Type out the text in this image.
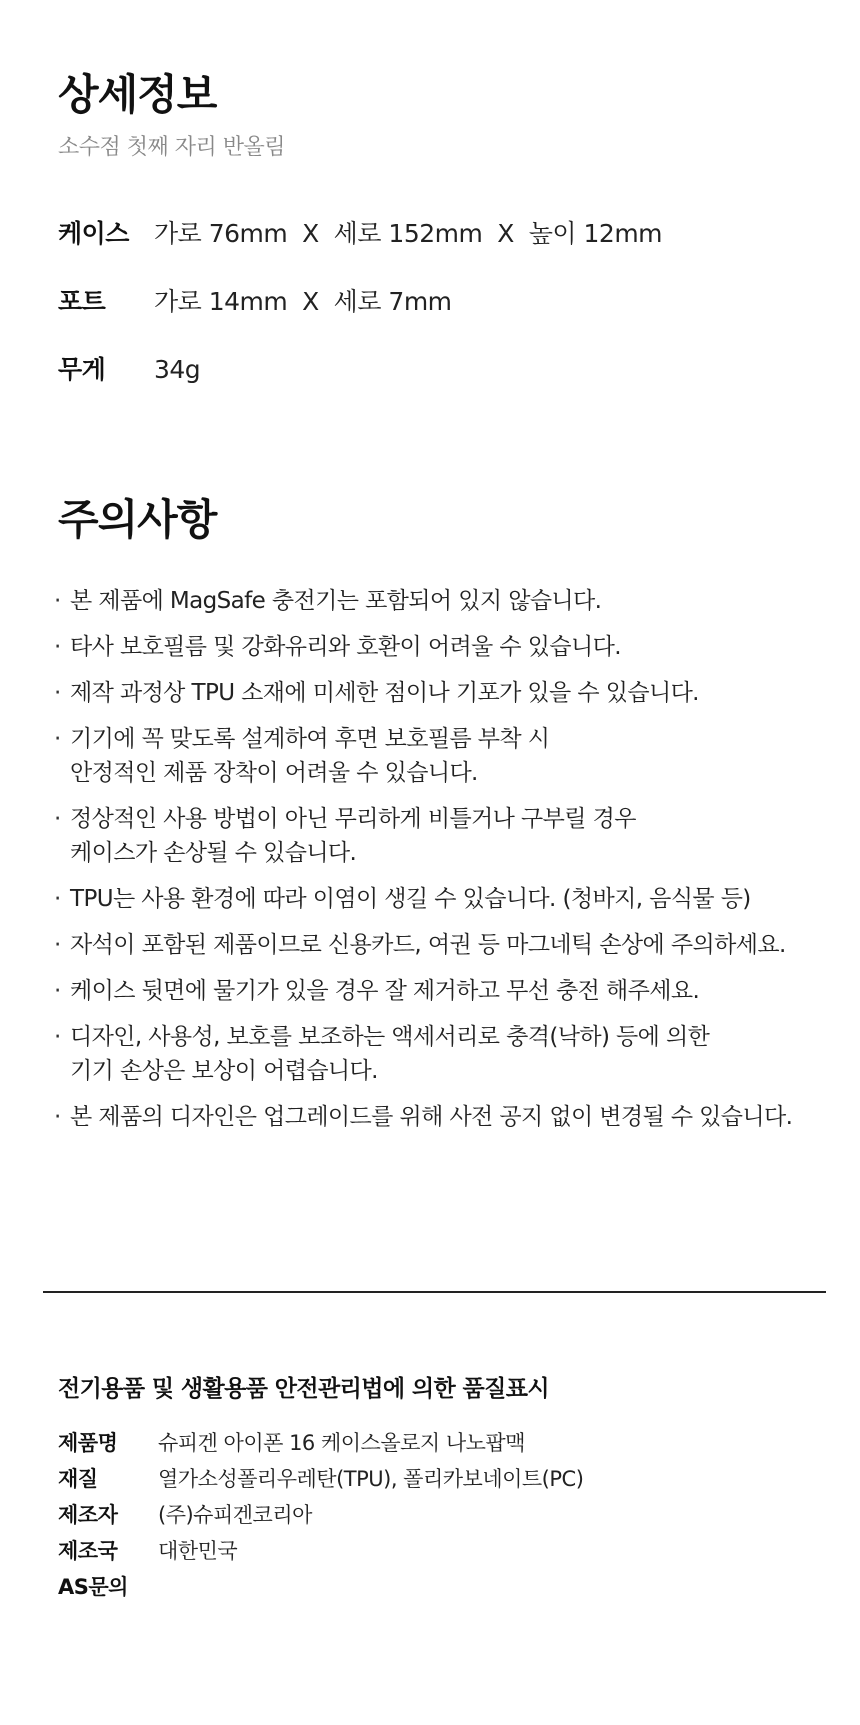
상세정보
소수점 첫째 자리 반올림
케이스	가로 76mm  X  세로 152mm  X  높이 12mm
포트	가로 14mm  X  세로 7mm
무게	34g
주의사항
· 본 제품에 MagSafe 충전기는 포함되어 있지 않습니다.
· 타사 보호필름 및 강화유리와 호환이 어려울 수 있습니다.
· 제작 과정상 TPU 소재에 미세한 점이나 기포가 있을 수 있습니다.
· 기기에 꼭 맞도록 설계하여 후면 보호필름 부착 시
안정적인 제품 장착이 어려울 수 있습니다.
· 정상적인 사용 방법이 아닌 무리하게 비틀거나 구부릴 경우
케이스가 손상될 수 있습니다.
· TPU는 사용 환경에 따라 이염이 생길 수 있습니다. (청바지, 음식물 등)
· 자석이 포함된 제품이므로 신용카드, 여권 등 마그네틱 손상에 주의하세요.
· 케이스 뒷면에 물기가 있을 경우 잘 제거하고 무선 충전 해주세요.
· 디자인, 사용성, 보호를 보조하는 액세서리로 충격(낙하) 등에 의한
기기 손상은 보상이 어렵습니다.
· 본 제품의 디자인은 업그레이드를 위해 사전 공지 없이 변경될 수 있습니다.
전기용품 및 생활용품 안전관리법에 의한 품질표시
제품명	슈피겐 아이폰 16 케이스올로지 나노팝맥
재질	열가소성폴리우레탄(TPU), 폴리카보네이트(PC)
제조자	(주)슈피겐코리아
제조국	대한민국
AS문의
